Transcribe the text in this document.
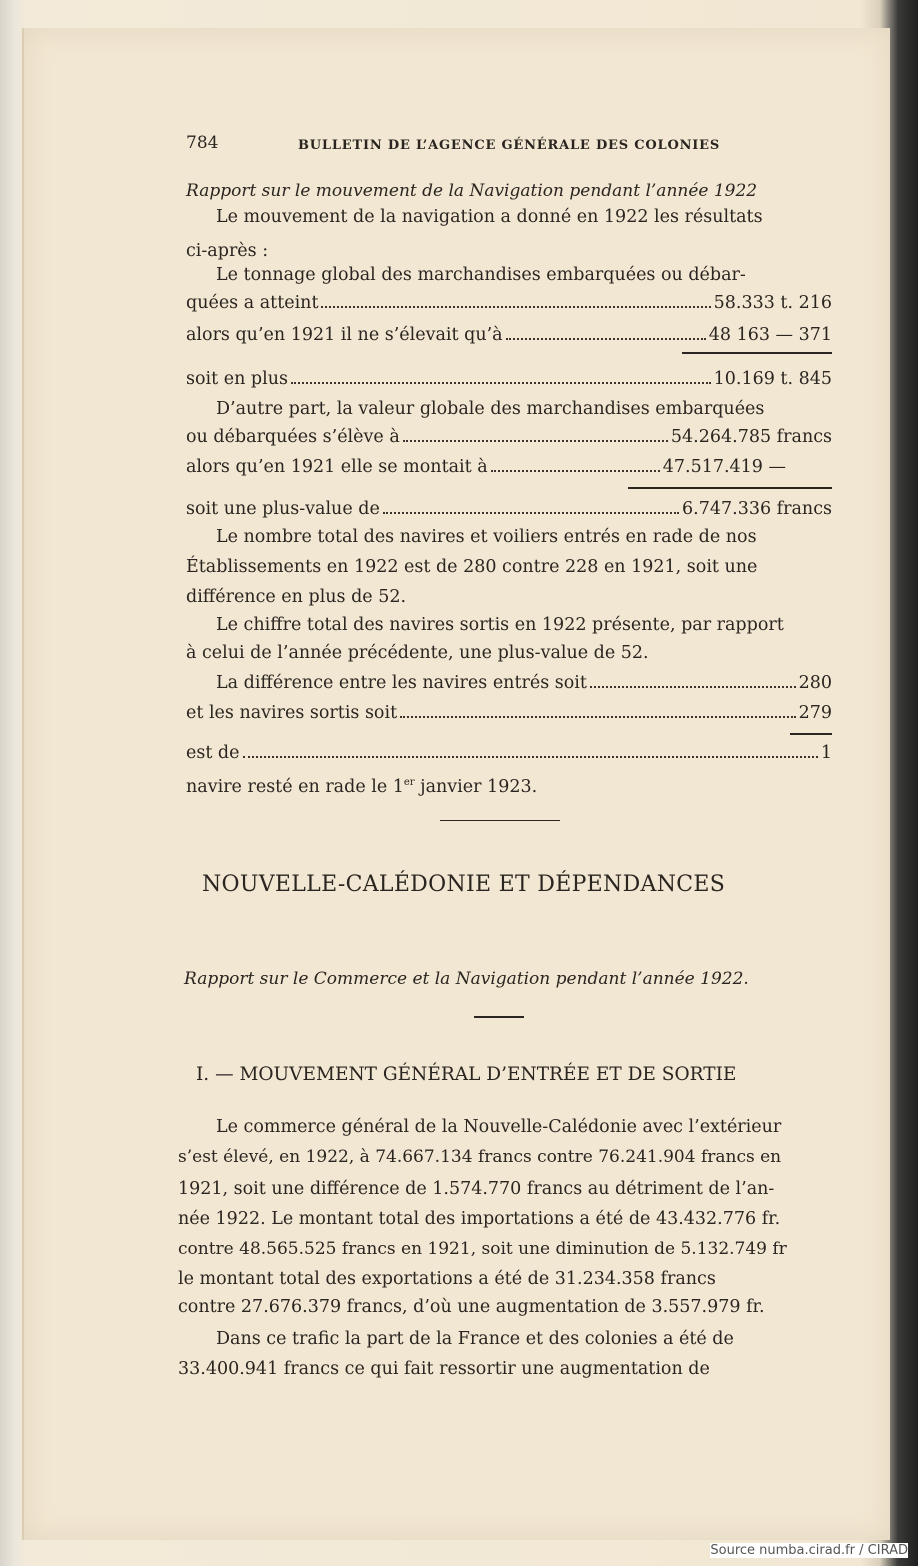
784	BULLETIN DE L’AGENCE GÉNÉRALE DES COLONIES
Rapport sur le mouvement de la Navigation pendant l’année 1922
Le mouvement de la navigation a donné en 1922 les résultats
ci-après :
Le tonnage global des marchandises embarquées ou débar-
quées a atteint	58.333 t. 216
alors qu’en 1921 il ne s’élevait qu’à	48 163 — 371
soit en plus	10.169 t. 845
D’autre part, la valeur globale des marchandises embarquées
ou débarquées s’élève à	54.264.785 francs
alors qu’en 1921 elle se montait à	47.517.419 —
soit une plus-value de	6.747.336 francs
Le nombre total des navires et voiliers entrés en rade de nos
Établissements en 1922 est de 280 contre 228 en 1921, soit une
différence en plus de 52.
Le chiffre total des navires sortis en 1922 présente, par rapport
à celui de l’année précédente, une plus-value de 52.
La différence entre les navires entrés soit	280
et les navires sortis soit	279
est de	1
navire resté en rade le 1er janvier 1923.
NOUVELLE-CALÉDONIE ET DÉPENDANCES
Rapport sur le Commerce et la Navigation pendant l’année 1922.
I. — MOUVEMENT GÉNÉRAL D’ENTRÉE ET DE SORTIE
Le commerce général de la Nouvelle-Calédonie avec l’extérieur
s’est élevé, en 1922, à 74.667.134 francs contre 76.241.904 francs en
1921, soit une différence de 1.574.770 francs au détriment de l’an-
née 1922. Le montant total des importations a été de 43.432.776 fr.
contre 48.565.525 francs en 1921, soit une diminution de 5.132.749 fr
le montant total des exportations a été de 31.234.358 francs
contre 27.676.379 francs, d’où une augmentation de 3.557.979 fr.
Dans ce trafic la part de la France et des colonies a été de
33.400.941 francs ce qui fait ressortir une augmentation de
Source numba.cirad.fr / CIRAD
